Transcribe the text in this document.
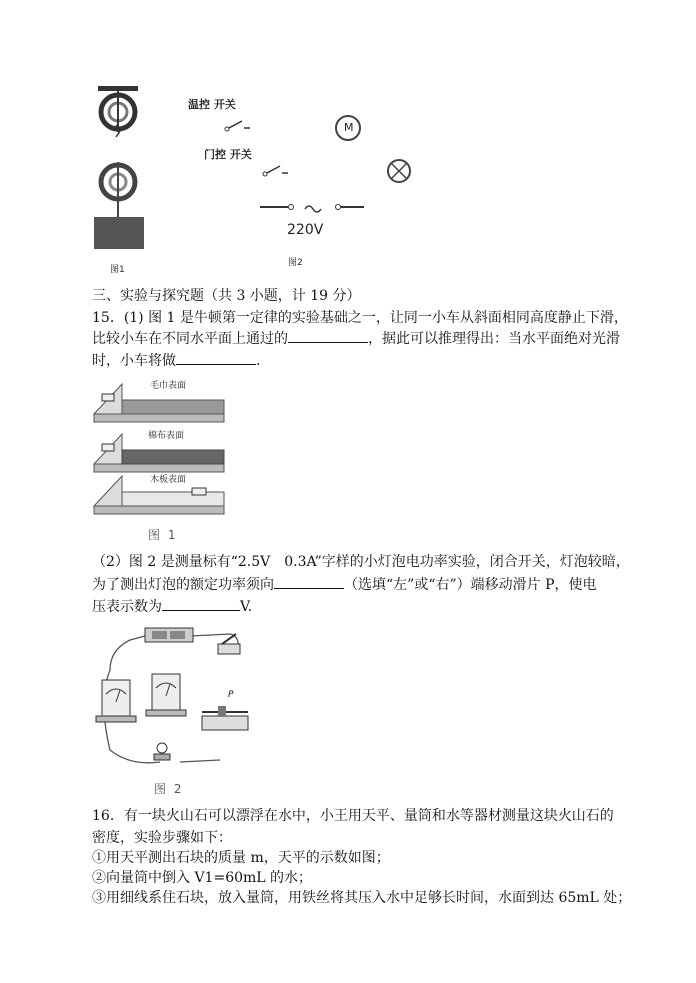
图1
温控 开关
门控 开关
M
220V
图2
三、实验与探究题（共 3 小题，计 19 分）
15．(1) 图 1 是牛顿第一定律的实验基础之一，让同一小车从斜面相同高度静止下滑，
比较小车在不同水平面上通过的	，据此可以推理得出：当水平面绝对光滑
时，小车将做	.
毛巾表面
棉布表面
木板表面
图 1
（2）图 2 是测量标有“2.5V　0.3A”字样的小灯泡电功率实验，闭合开关，灯泡较暗，
为了测出灯泡的额定功率须向	（选填“左”或“右”）端移动滑片 P，使电
压表示数为	V.
P
图 2
16．有一块火山石可以漂浮在水中，小王用天平、量筒和水等器材测量这块火山石的
密度，实验步骤如下：
①用天平测出石块的质量 m，天平的示数如图；
②向量筒中倒入 V1=60mL 的水；
③用细线系住石块，放入量筒，用铁丝将其压入水中足够长时间，水面到达 65mL 处；
